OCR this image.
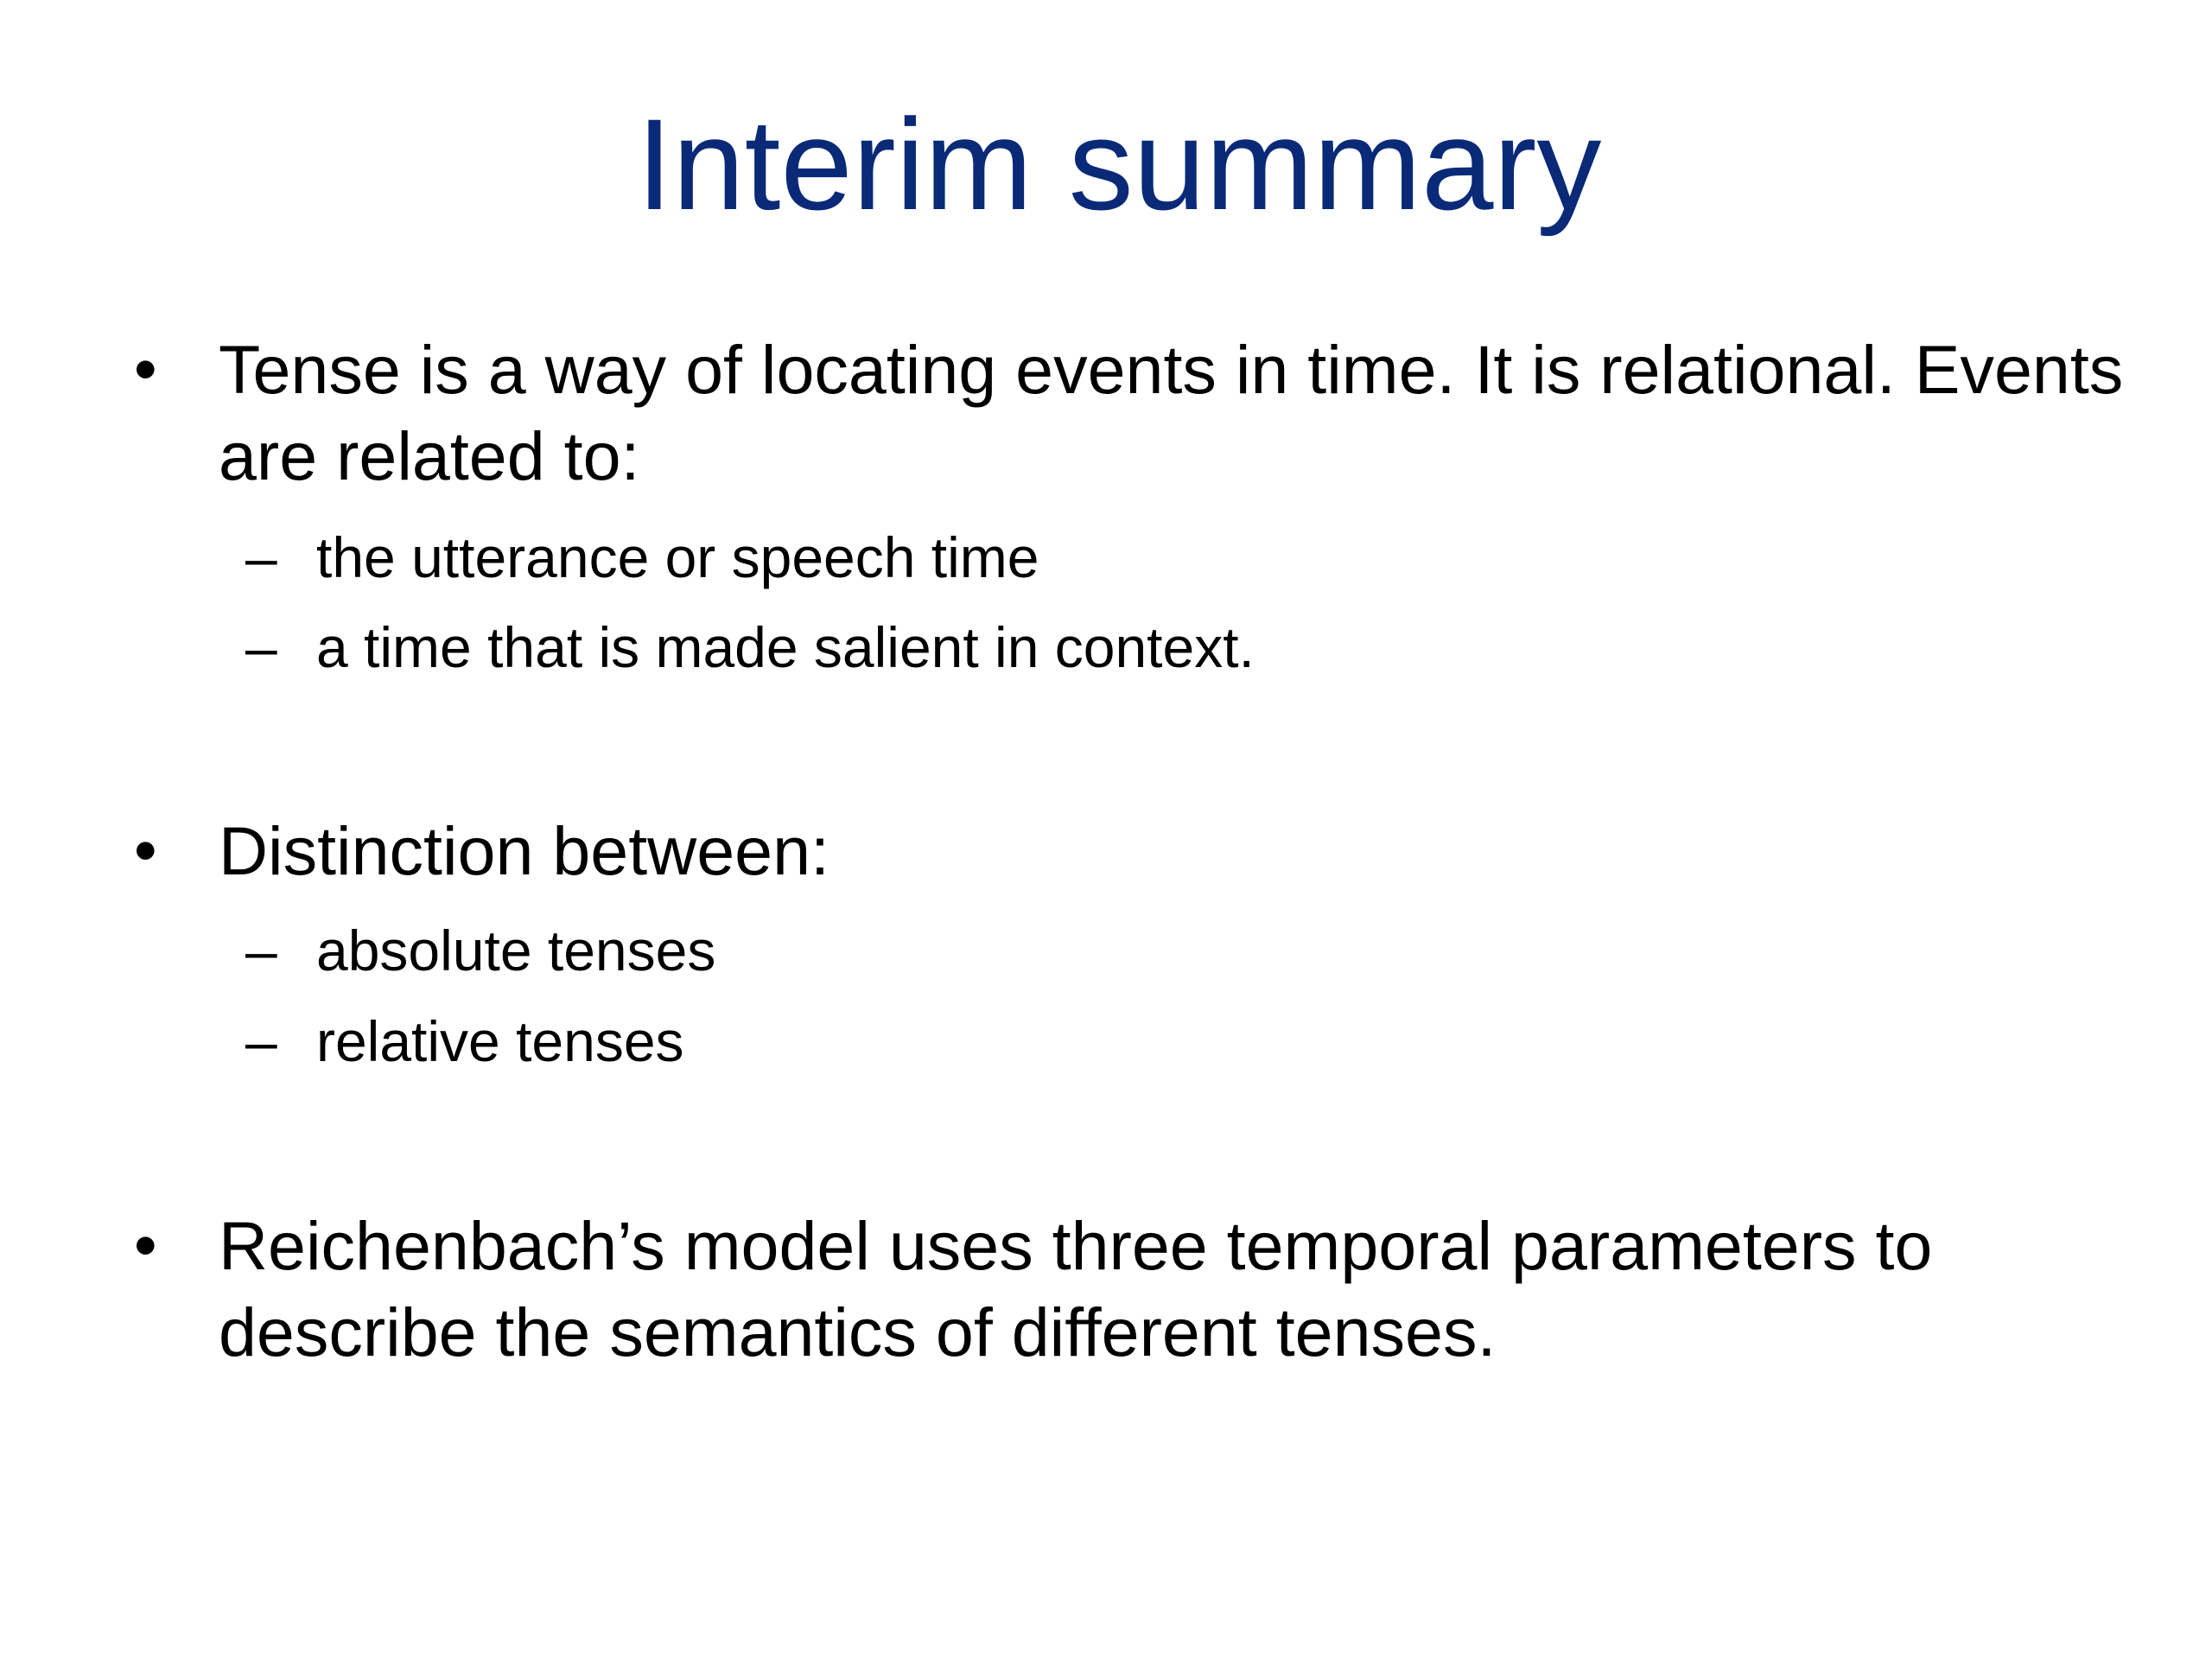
Interim summary
• Tense is a way of locating events in time. It is relational. Events are related to:
– the utterance or speech time
– a time that is made salient in context.
• Distinction between:
– absolute tenses
– relative tenses
• Reichenbach’s model uses three temporal parameters to describe the semantics of different tenses.
